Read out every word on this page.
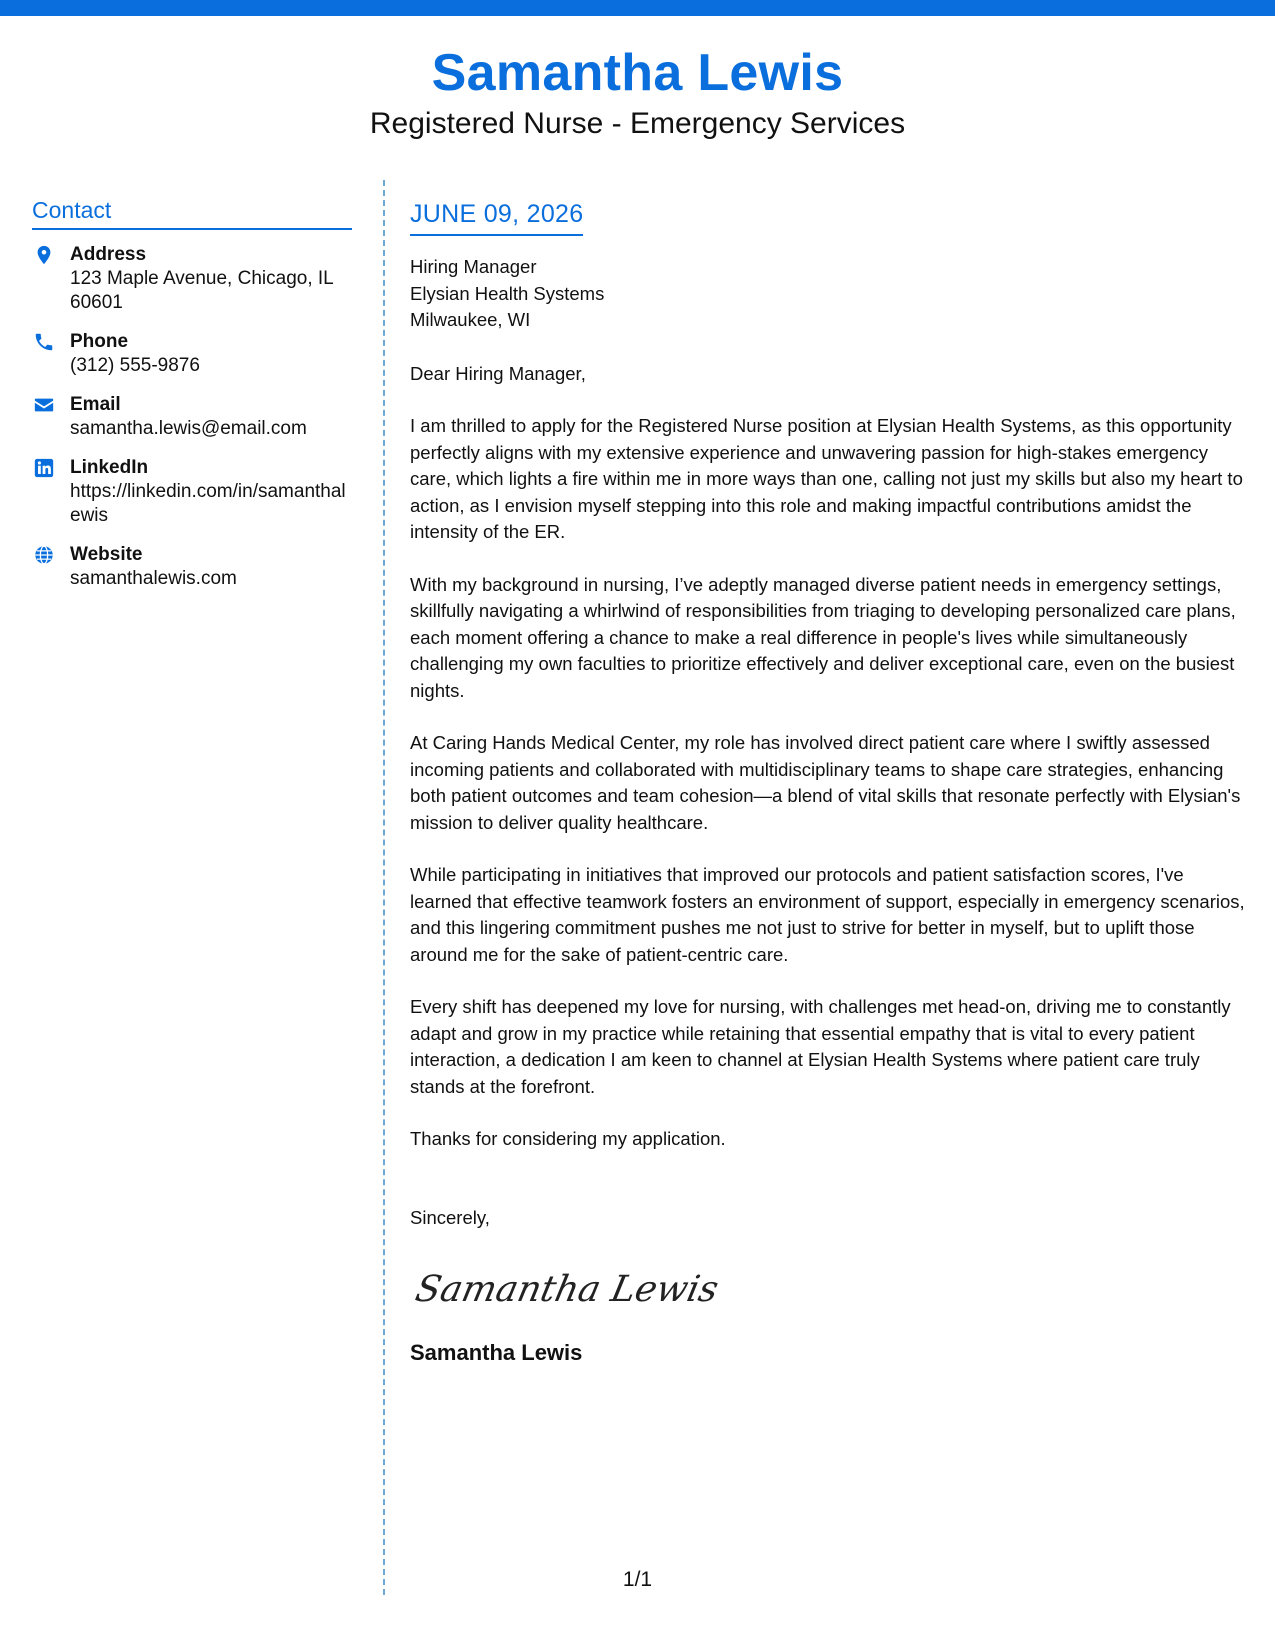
Samantha Lewis
Registered Nurse - Emergency Services
Contact
Address
123 Maple Avenue, Chicago, IL 60601
Phone
(312) 555-9876
Email
samantha.lewis@email.com
LinkedIn
https://linkedin.com/in/samanthalewis
Website
samanthalewis.com
JUNE 09, 2026
Hiring Manager
Elysian Health Systems
Milwaukee, WI
Dear Hiring Manager,
I am thrilled to apply for the Registered Nurse position at Elysian Health Systems, as this opportunity perfectly aligns with my extensive experience and unwavering passion for high-stakes emergency care, which lights a fire within me in more ways than one, calling not just my skills but also my heart to action, as I envision myself stepping into this role and making impactful contributions amidst the intensity of the ER.
With my background in nursing, I’ve adeptly managed diverse patient needs in emergency settings, skillfully navigating a whirlwind of responsibilities from triaging to developing personalized care plans, each moment offering a chance to make a real difference in people's lives while simultaneously challenging my own faculties to prioritize effectively and deliver exceptional care, even on the busiest nights.
At Caring Hands Medical Center, my role has involved direct patient care where I swiftly assessed incoming patients and collaborated with multidisciplinary teams to shape care strategies, enhancing both patient outcomes and team cohesion—a blend of vital skills that resonate perfectly with Elysian's mission to deliver quality healthcare.
While participating in initiatives that improved our protocols and patient satisfaction scores, I've learned that effective teamwork fosters an environment of support, especially in emergency scenarios, and this lingering commitment pushes me not just to strive for better in myself, but to uplift those around me for the sake of patient-centric care.
Every shift has deepened my love for nursing, with challenges met head-on, driving me to constantly adapt and grow in my practice while retaining that essential empathy that is vital to every patient interaction, a dedication I am keen to channel at Elysian Health Systems where patient care truly stands at the forefront.
Thanks for considering my application.
Sincerely,
Samantha Lewis
Samantha Lewis
1/1
